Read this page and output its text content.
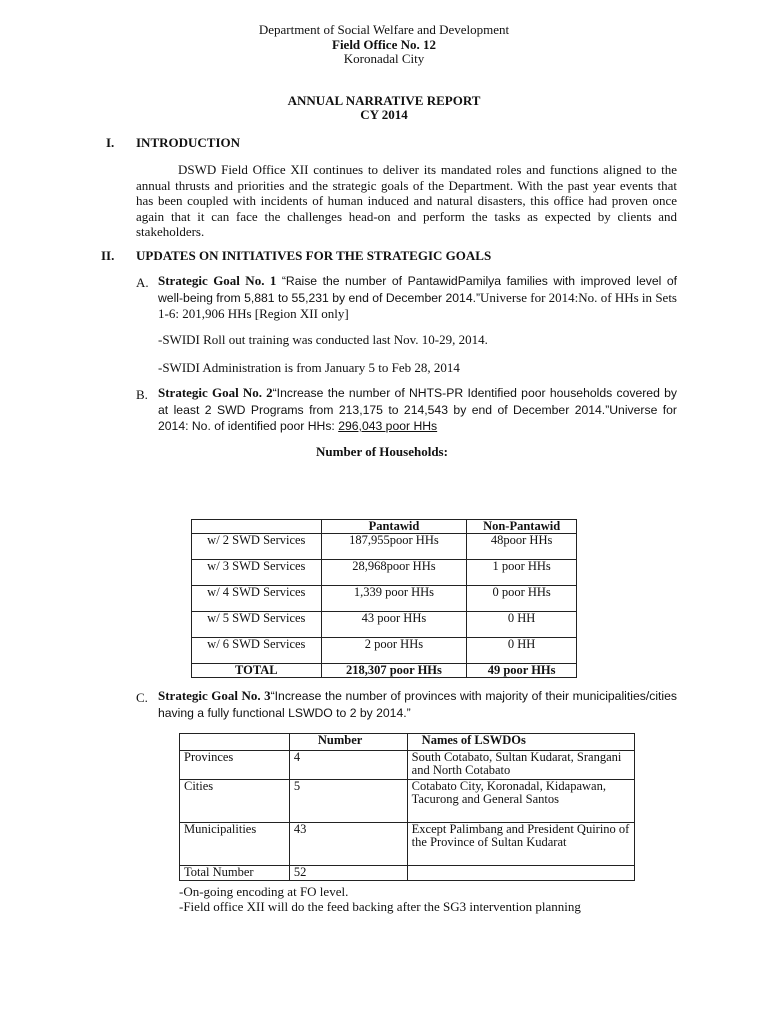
Department of Social Welfare and Development
Field Office No. 12
Koronadal City
ANNUAL NARRATIVE REPORT
CY 2014
I. INTRODUCTION
DSWD Field Office XII continues to deliver its mandated roles and functions aligned to the annual thrusts and priorities and the strategic goals of the Department. With the past year events that has been coupled with incidents of human induced and natural disasters, this office had proven once again that it can face the challenges head-on and perform the tasks as expected by clients and stakeholders.
II. UPDATES ON INITIATIVES FOR THE STRATEGIC GOALS
A. Strategic Goal No. 1 “Raise the number of PantawidPamilya families with improved level of well-being from 5,881 to 55,231 by end of December 2014.”Universe for 2014:No. of HHs in Sets 1-6: 201,906 HHs [Region XII only]
-SWIDI Roll out training was conducted last Nov. 10-29, 2014.
-SWIDI Administration is from January 5 to Feb 28, 2014
B. Strategic Goal No. 2“Increase the number of NHTS-PR Identified poor households covered by at least 2 SWD Programs from 213,175 to 214,543 by end of December 2014.”Universe for 2014: No. of identified poor HHs: 296,043 poor HHs
Number of Households:
	Pantawid	Non-Pantawid
w/ 2 SWD Services	187,955poor HHs	48poor HHs
w/ 3 SWD Services	28,968poor HHs	1 poor HHs
w/ 4 SWD Services	1,339 poor HHs	0 poor HHs
w/ 5 SWD Services	43 poor HHs	0 HH
w/ 6 SWD Services	2 poor HHs	0 HH
TOTAL	218,307 poor HHs	49 poor HHs
C. Strategic Goal No. 3“Increase the number of provinces with majority of their municipalities/cities having a fully functional LSWDO to 2 by 2014.”
	Number	Names of LSWDOs
Provinces	4	South Cotabato, Sultan Kudarat, Srangani and North Cotabato
Cities	5	Cotabato City, Koronadal, Kidapawan, Tacurong and General Santos
Municipalities	43	Except Palimbang and President Quirino of the Province of Sultan Kudarat
Total Number	52	
-On-going encoding at FO level.
-Field office XII will do the feed backing after the SG3 intervention planning
